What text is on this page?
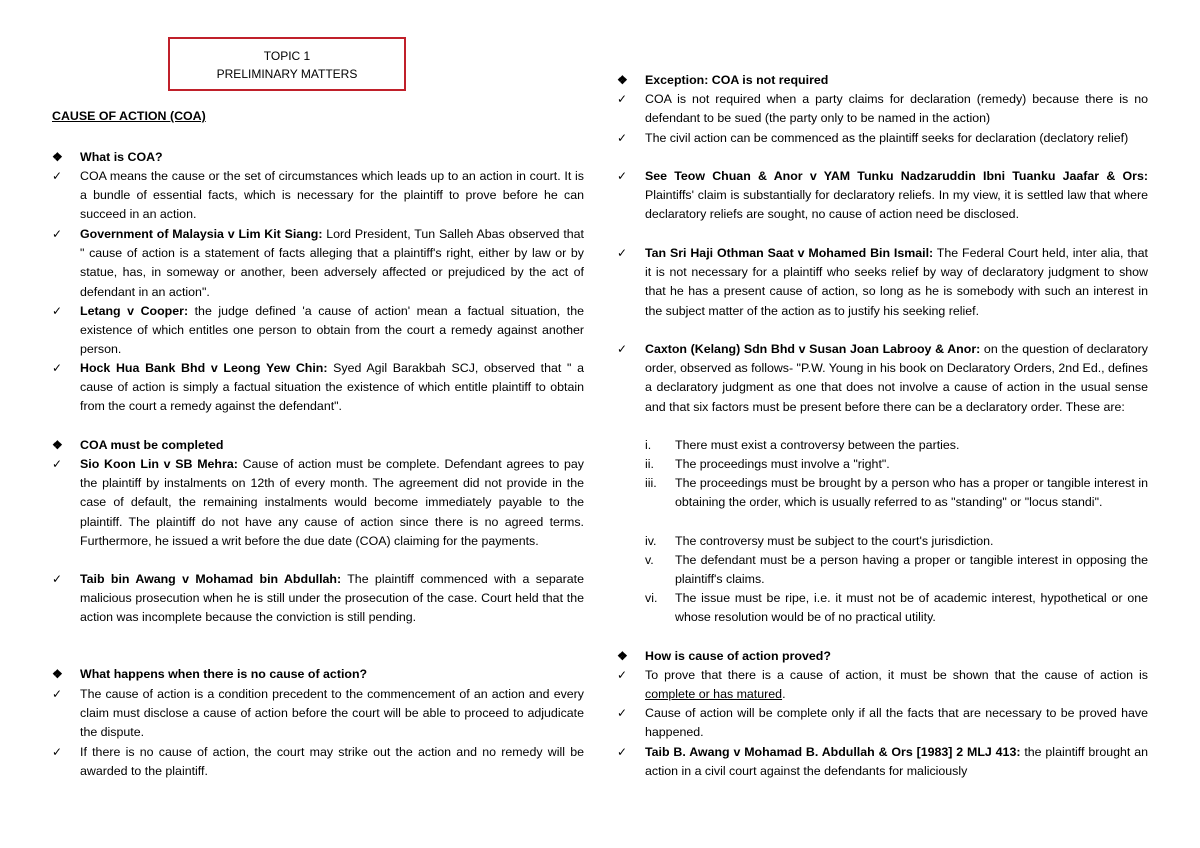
TOPIC 1
PRELIMINARY MATTERS
CAUSE OF ACTION (COA)
❖	What is COA?
✓	COA means the cause or the set of circumstances which leads up to an action in court. It is a bundle of essential facts, which is necessary for the plaintiff to prove before he can succeed in an action.
✓	Government of Malaysia v Lim Kit Siang: Lord President, Tun Salleh Abas observed that " cause of action is a statement of facts alleging that a plaintiff's right, either by law or by statue, has, in someway or another, been adversely affected or prejudiced by the act of defendant in an action".
✓	Letang v Cooper: the judge defined 'a cause of action' mean a factual situation, the existence of which entitles one person to obtain from the court a remedy against another person.
✓	Hock Hua Bank Bhd v Leong Yew Chin: Syed Agil Barakbah SCJ, observed that " a cause of action is simply a factual situation the existence of which entitle plaintiff to obtain from the court a remedy against the defendant".
❖	COA must be completed
✓	Sio Koon Lin v SB Mehra: Cause of action must be complete. Defendant agrees to pay the plaintiff by instalments on 12th of every month. The agreement did not provide in the case of default, the remaining instalments would become immediately payable to the plaintiff. The plaintiff do not have any cause of action since there is no agreed terms. Furthermore, he issued a writ before the due date (COA) claiming for the payments.
✓	Taib bin Awang v Mohamad bin Abdullah: The plaintiff commenced with a separate malicious prosecution when he is still under the prosecution of the case. Court held that the action was incomplete because the conviction is still pending.
❖	What happens when there is no cause of action?
✓	The cause of action is a condition precedent to the commencement of an action and every claim must disclose a cause of action before the court will be able to proceed to adjudicate the dispute.
✓	If there is no cause of action, the court may strike out the action and no remedy will be awarded to the plaintiff.
❖	Exception: COA is not required
✓	COA is not required when a party claims for declaration (remedy) because there is no defendant to be sued (the party only to be named in the action)
✓	The civil action can be commenced as the plaintiff seeks for declaration (declatory relief)
✓	See Teow Chuan & Anor v YAM Tunku Nadzaruddin Ibni Tuanku Jaafar & Ors: Plaintiffs' claim is substantially for declaratory reliefs. In my view, it is settled law that where declaratory reliefs are sought, no cause of action need be disclosed.
✓	Tan Sri Haji Othman Saat v Mohamed Bin Ismail: The Federal Court held, inter alia, that it is not necessary for a plaintiff who seeks relief by way of declaratory judgment to show that he has a present cause of action, so long as he is somebody with such an interest in the subject matter of the action as to justify his seeking relief.
✓	Caxton (Kelang) Sdn Bhd v Susan Joan Labrooy & Anor: on the question of declaratory order, observed as follows- "P.W. Young in his book on Declaratory Orders, 2nd Ed., defines a declaratory judgment as one that does not involve a cause of action in the usual sense and that six factors must be present before there can be a declaratory order. These are:
i. There must exist a controversy between the parties.
ii. The proceedings must involve a "right".
iii. The proceedings must be brought by a person who has a proper or tangible interest in obtaining the order, which is usually referred to as "standing" or "locus standi".
iv. The controversy must be subject to the court's jurisdiction.
v. The defendant must be a person having a proper or tangible interest in opposing the plaintiff's claims.
vi. The issue must be ripe, i.e. it must not be of academic interest, hypothetical or one whose resolution would be of no practical utility.
❖	How is cause of action proved?
✓	To prove that there is a cause of action, it must be shown that the cause of action is complete or has matured.
✓	Cause of action will be complete only if all the facts that are necessary to be proved have happened.
✓	Taib B. Awang v Mohamad B. Abdullah & Ors [1983] 2 MLJ 413: the plaintiff brought an action in a civil court against the defendants for maliciously
